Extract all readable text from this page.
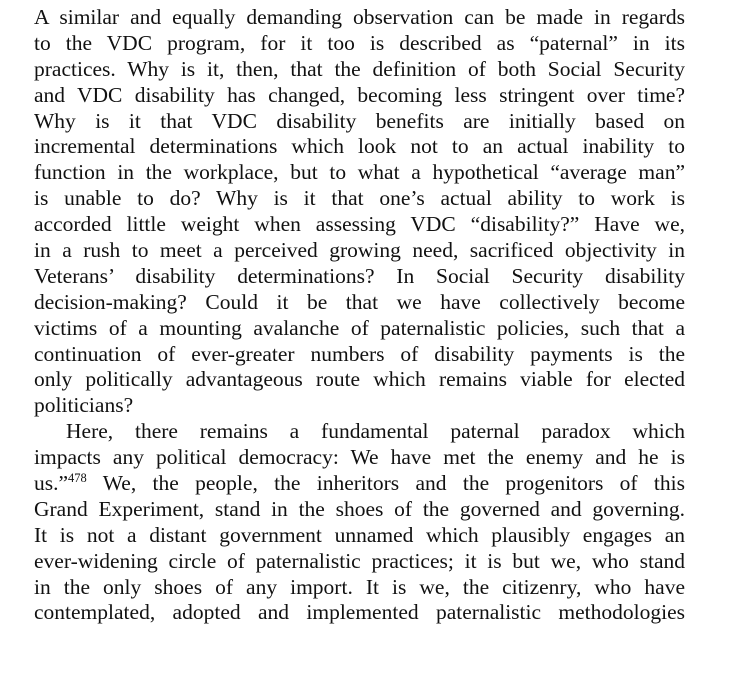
A similar and equally demanding observation can be made in regards
to the VDC program, for it too is described as “paternal” in its
practices. Why is it, then, that the definition of both Social Security
and VDC disability has changed, becoming less stringent over time?
Why is it that VDC disability benefits are initially based on
incremental determinations which look not to an actual inability to
function in the workplace, but to what a hypothetical “average man”
is unable to do? Why is it that one’s actual ability to work is
accorded little weight when assessing VDC “disability?” Have we,
in a rush to meet a perceived growing need, sacrificed objectivity in
Veterans’ disability determinations? In Social Security disability
decision-making? Could it be that we have collectively become
victims of a mounting avalanche of paternalistic policies, such that a
continuation of ever-greater numbers of disability payments is the
only politically advantageous route which remains viable for elected
politicians?
Here, there remains a fundamental paternal paradox which
impacts any political democracy: We have met the enemy and he is
us.”$^{478}$ We, the people, the inheritors and the progenitors of this
Grand Experiment, stand in the shoes of the governed and governing.
It is not a distant government unnamed which plausibly engages an
ever-widening circle of paternalistic practices; it is but we, who stand
in the only shoes of any import. It is we, the citizenry, who have
contemplated, adopted and implemented paternalistic methodologies
